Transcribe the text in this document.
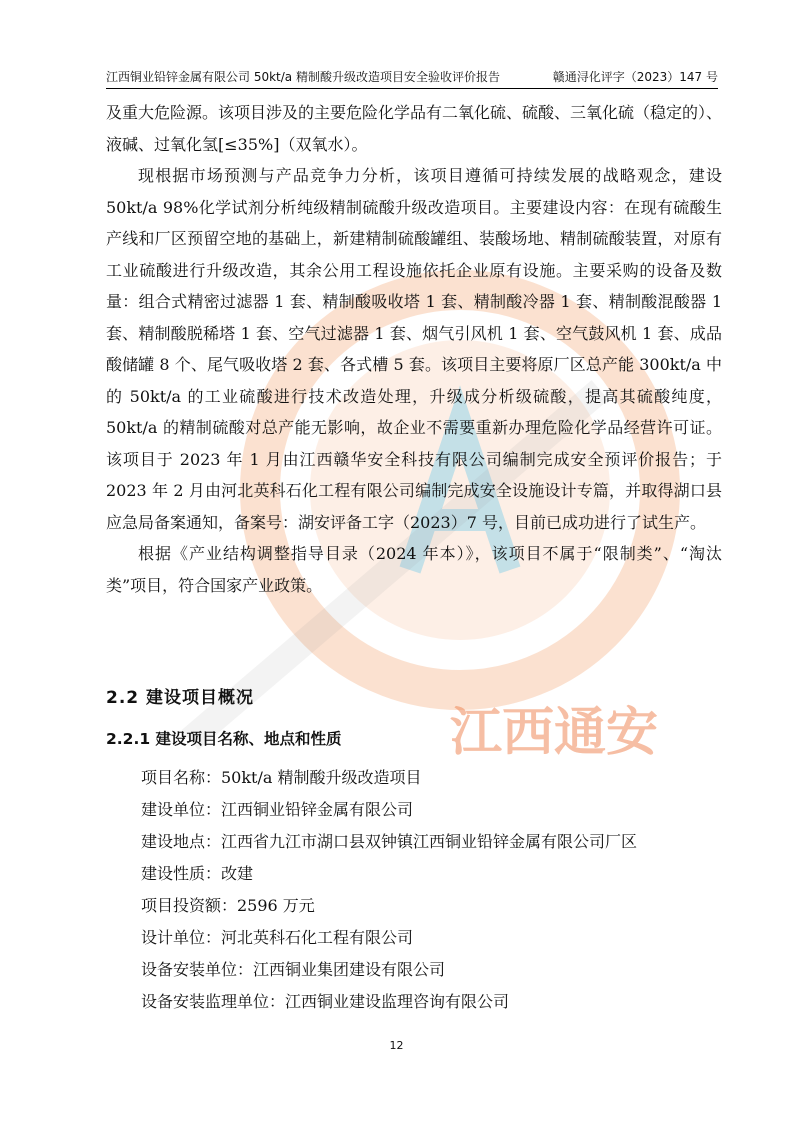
江西铜业铅锌金属有限公司 50kt/a 精制酸升级改造项目安全验收评价报告	赣通浔化评字（2023）147 号
江西通安

及重大危险源。该项目涉及的主要危险化学品有二氧化硫、硫酸、三氧化硫（稳定的）、液碱、过氧化氢[≤35%]（双氧水）。

现根据市场预测与产品竞争力分析，该项目遵循可持续发展的战略观念，建设 50kt/a 98%化学试剂分析纯级精制硫酸升级改造项目。主要建设内容：在现有硫酸生产线和厂区预留空地的基础上，新建精制硫酸罐组、装酸场地、精制硫酸装置，对原有工业硫酸进行升级改造，其余公用工程设施依托企业原有设施。主要采购的设备及数量：组合式精密过滤器 1 套、精制酸吸收塔 1 套、精制酸冷器 1 套、精制酸混酸器 1 套、精制酸脱稀塔 1 套、空气过滤器 1 套、烟气引风机 1 套、空气鼓风机 1 套、成品酸储罐 8 个、尾气吸收塔 2 套、各式槽 5 套。该项目主要将原厂区总产能 300kt/a 中的 50kt/a 的工业硫酸进行技术改造处理，升级成分析级硫酸，提高其硫酸纯度，50kt/a 的精制硫酸对总产能无影响，故企业不需要重新办理危险化学品经营许可证。该项目于 2023 年 1 月由江西赣华安全科技有限公司编制完成安全预评价报告；于 2023 年 2 月由河北英科石化工程有限公司编制完成安全设施设计专篇，并取得湖口县应急局备案通知，备案号：湖安评备工字（2023）7 号，目前已成功进行了试生产。

根据《产业结构调整指导目录（2024 年本）》，该项目不属于“限制类”、“淘汰类”项目，符合国家产业政策。

2.2 建设项目概况
2.2.1 建设项目名称、地点和性质
项目名称：50kt/a 精制酸升级改造项目
建设单位：江西铜业铅锌金属有限公司
建设地点：江西省九江市湖口县双钟镇江西铜业铅锌金属有限公司厂区
建设性质：改建
项目投资额：2596 万元
设计单位：河北英科石化工程有限公司
设备安装单位：江西铜业集团建设有限公司
设备安装监理单位：江西铜业建设监理咨询有限公司
12
